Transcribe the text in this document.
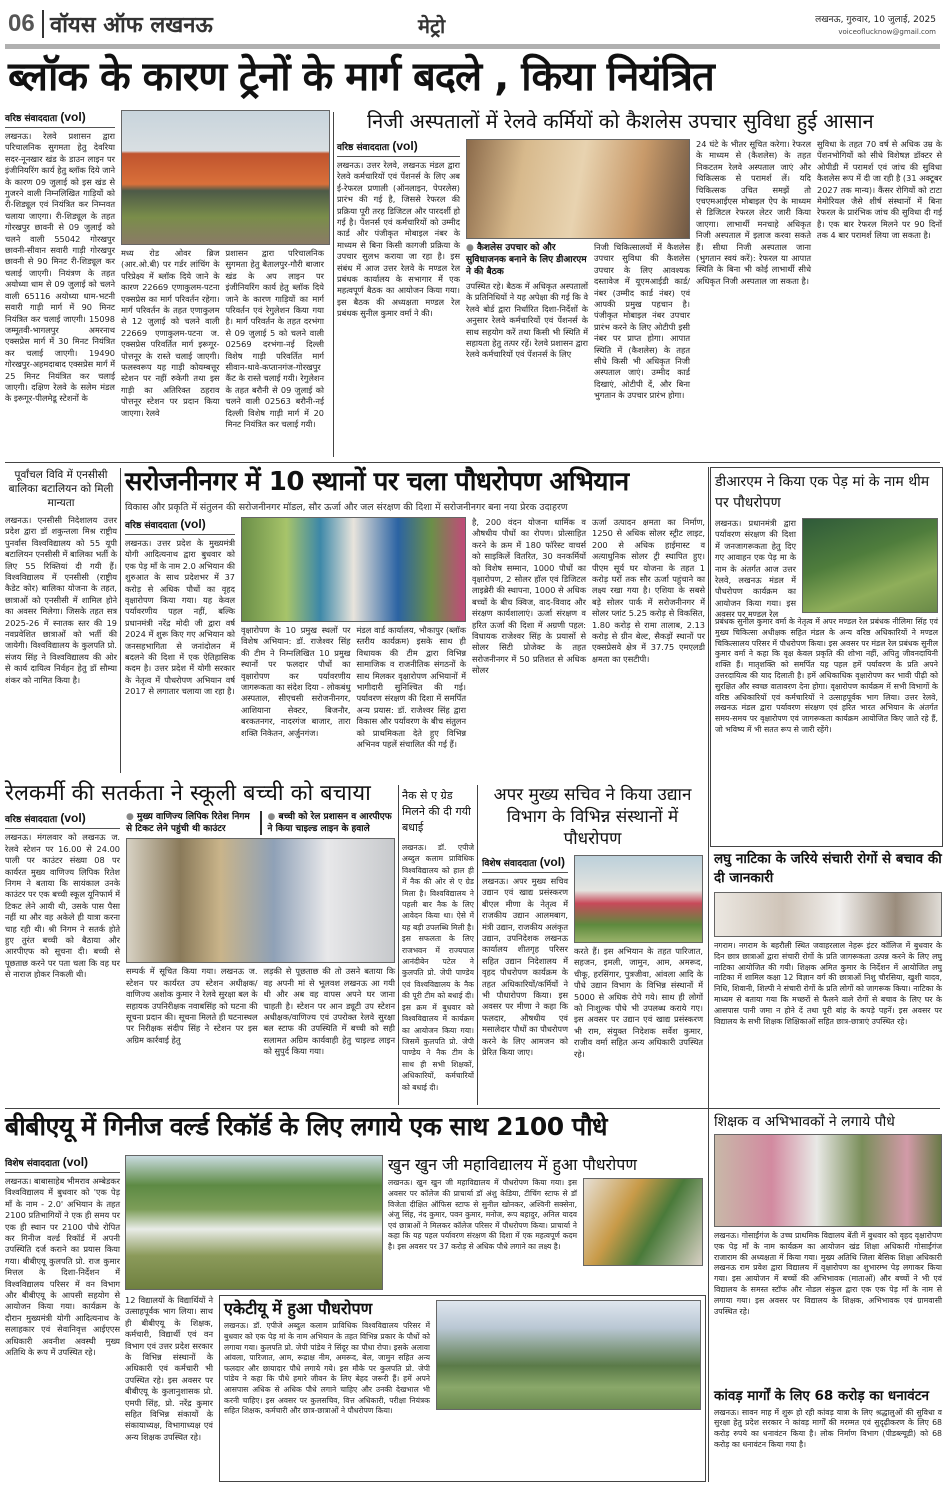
06 वॉयस ऑफ लखनऊ	मेट्रो	लखनऊ, गुरुवार, 10 जुलाई, 2025
voiceoflucknow@gmail.com
ब्लॉक के कारण ट्रेनों के मार्ग बदले , किया नियंत्रित
वरिष्ठ संवाददाता (vol)
लखनऊ। रेलवे प्रशासन द्वारा परिचालनिक सुगमता हेतु देवरिया सदर-नूनखार खंड के डाउन लाइन पर इंजीनियरिंग कार्य हेतु ब्लॉक दिये जाने के कारण 09 जुलाई को इस खंड से गुजरने वाली निम्नलिखित गाड़ियों को री-शिड्यूल एवं नियंत्रित कर निम्नवत चलाया जाएगा। री-शिड्यूल के तहत गोरखपुर छावनी से 09 जुलाई को चलने वाली 55042 गोरखपुर छावनी-सीवान सवारी गाड़ी गोरखपुर छावनी से 90 मिनट री-शिड्यूल कर चलाई जाएगी। नियंत्रण के तहत अयोध्या धाम से 09 जुलाई को चलने वाली 65116 अयोध्या धाम-भटनी सवारी गाड़ी मार्ग में 90 मिनट नियंत्रित कर चलाई जाएगी। 15098 जम्मूतवी-भागलपुर अमरनाथ एक्सप्रेस मार्ग में 30 मिनट नियंत्रित कर चलाई जाएगी। 19490 गोरखपुर-अहमदाबाद एक्सप्रेस मार्ग में 25 मिनट नियंत्रित कर चलाई जाएगी। दक्षिण रेलवे के सलेम मंडल के इरूगूर-पीलमेडू स्टेशनों के
मध्य रोड ओवर ब्रिज (आर.ओ.बी) पर गर्डर लांचिंग के परिप्रेक्ष्य में ब्लॉक दिये जाने के कारण 22669 एणाकुलम-पटना एक्सप्रेस का मार्ग परिवर्तन रहेगा। मार्ग परिवर्तन के तहत एणाकुलम से 12 जुलाई को चलने वाली 22669 एणाकुलम-पटना ज. एक्सप्रेस परिवर्तित मार्ग इरूगूर-पोत्तनूर के रास्ते चलाई जाएगी। फलस्वरूप यह गाड़ी कोयम्बत्तूर स्टेशन पर नहीं रुकेगी तथा इस गाड़ी का अतिरिक्त ठहराव पोत्तनूर स्टेशन पर प्रदान किया जाएगा। रेलवे
प्रशासन द्वारा परिचालनिक सुगमता हेतु बैतालपुर-गौरी बाजार खंड के अप लाइन पर इंजीनियरिंग कार्य हेतु ब्लॉक दिये जाने के कारण गाड़ियों का मार्ग परिवर्तन एवं रेगुलेशन किया गया है। मार्ग परिवर्तन के तहत दरभंगा से 09 जुलाई 5 को चलने वाली 02569 दरभंगा-नई दिल्ली विशेष गाड़ी परिवर्तित मार्ग सीवान-थावे-कप्तानगंज-गोरखपुर कैंट के रास्ते चलाई गयी। रेगुलेशन के तहत बरौनी से 09 जुलाई को चलने वाली 02563 बरौनी-नई दिल्ली विशेष गाड़ी मार्ग में 20 मिनट नियंत्रित कर चलाई गयी।
निजी अस्पतालों में रेलवे कर्मियों को कैशलेस उपचार सुविधा हुई आसान
वरिष्ठ संवाददाता (vol)
लखनऊ। उत्तर रेलवे, लखनऊ मंडल द्वारा रेलवे कर्मचारियों एवं पेंशनर्स के लिए अब ई-रेफरल प्रणाली (ऑनलाइन, पेपरलेस) प्रारंभ की गई है, जिससे रेफरल की प्रक्रिया पूरी तरह डिजिटल और पारदर्शी हो गई है। पेंशनर्स एवं कर्मचारियों को उम्मीद कार्ड और पंजीकृत मोबाइल नंबर के माध्यम से बिना किसी कागजी प्रक्रिया के उपचार सुलभ कराया जा रहा है। इस संबंध में आज उत्तर रेलवे के मण्डल रेल प्रबंधक कार्यालय के सभागार में एक महत्वपूर्ण बैठक का आयोजन किया गया। इस बैठक की अध्यक्षता मण्डल रेल प्रबंधक सुनील कुमार वर्मा ने की।
● कैशलेस उपचार को और सुविधाजनक बनाने के लिए डीआरएम ने की बैठक
उपस्थित रहे। बैठक में अधिकृत अस्पतालों के प्रतिनिधियों ने यह अपेक्षा की गई कि वे रेलवे बोर्ड द्वारा निर्धारित दिशा-निर्देशों के अनुसार रेलवे कर्मचारियों एवं पेंशनर्स के साथ सहयोग करें तथा किसी भी स्थिति में सहायता हेतु तत्पर रहें। रेलवे प्रशासन द्वारा रेलवे कर्मचारियों एवं पेंशनर्स के लिए
निजी चिकित्सालयों में कैशलेस उपचार सुविधा की कैशलेस उपचार के लिए आवश्यक दस्तावेज में यूएमआईडी कार्ड/नंबर (उम्मीद कार्ड नंबर) एवं आपकी प्रमुख पहचान है। पंजीकृत मोबाइल नंबर उपचार प्रारंभ करने के लिए ओटीपी इसी नंबर पर प्राप्त होगा। आपात स्थिति में (कैशलेस) के तहत सीधे किसी भी अधिकृत निजी अस्पताल जाएं। उम्मीद कार्ड दिखाएं, ओटीपी दें, और बिना भुगतान के उपचार प्रारंभ होगा।
24 घंटे के भीतर सूचित करेगा। रेफरल के माध्यम से (कैशलेस) के तहत निकटतम रेलवे अस्पताल जाएं और चिकित्सक से परामर्श लें। यदि चिकित्सक उचित समझें तो एचएमआईएस मोबाइल ऐप के माध्यम से डिजिटल रेफरल लेटर जारी किया जाएगा। लाभार्थी मनचाहे अधिकृत निजी अस्पताल में इलाज करवा सकते हैं। सीधा निजी अस्पताल जाना (भुगतान स्वयं करें): रेफरल या आपात स्थिति के बिना भी कोई लाभार्थी सीधे अधिकृत निजी अस्पताल जा सकता है।
सुविधा के तहत 70 वर्ष से अधिक उम्र के पेंशनभोगियों को सीधे विशेषज्ञ डॉक्टर से ओपीडी में परामर्श एवं जांच की सुविधा कैशलेस रूप में दी जा रही है (31 अक्टूबर 2027 तक मान्य)। कैंसर रोगियों को टाटा मेमोरियल जैसे शीर्ष संस्थानों में बिना रेफरल के प्रारंभिक जांच की सुविधा दी गई है। एक बार रेफरल मिलने पर 90 दिनों तक 4 बार परामर्श लिया जा सकता है।
पूर्वांचल विवि में एनसीसी बालिका बटालियन को मिली मान्यता
लखनऊ। एनसीसी निदेशालय उत्तर प्रदेश द्वारा डॉ शकुन्तला मिश्र राष्ट्रीय पुनर्वास विश्वविद्यालय को 55 यूपी बटालियन एनसीसी में बालिका भर्ती के लिए 55 रिक्तियां दी गयी हैं। विश्वविद्यालय में एनसीसी (राष्ट्रीय कैडेट कोर) बालिका योजना के तहत, छात्राओं को एनसीसी में शामिल होने का अवसर मिलेगा। जिसके तहत सत्र 2025-26 में स्नातक स्तर की 19 नवप्रवेशित छात्राओं को भर्ती की जायेगी। विश्वविद्यालय के कुलपति प्रो. संजय सिंह ने विश्वविद्यालय की ओर से कार्य दायित्व निर्वहन हेतु डॉ सौम्या शंकर को नामित किया है।
सरोजनीनगर में 10 स्थानों पर चला पौधरोपण अभियान
विकास और प्रकृति में संतुलन की सरोजनीनगर मॉडल, सौर ऊर्जा और जल संरक्षण की दिशा में सरोजनीनगर बना नया प्रेरक उदाहरण
वरिष्ठ संवाददाता (vol)
लखनऊ। उत्तर प्रदेश के मुख्यमंत्री योगी आदित्यनाथ द्वारा बुधवार को एक पेड़ माँ के नाम 2.0 अभियान की शुरुआत के साथ प्रदेशभर में 37 करोड़ से अधिक पौधों का वृहद वृक्षारोपण किया गया। यह केवल पर्यावरणीय पहल नहीं, बल्कि प्रधानमंत्री नरेंद्र मोदी जी द्वारा वर्ष 2024 में शुरू किए गए अभियान को जनसहभागिता से जनांदोलन में बदलने की दिशा में एक ऐतिहासिक कदम है। उत्तर प्रदेश में योगी सरकार के नेतृत्व में पौधरोपण अभियान वर्ष 2017 से लगातार चलाया जा रहा है।
वृक्षारोपण के 10 प्रमुख स्थलों पर विशेष अभियान: डॉ. राजेश्वर सिंह की टीम ने निम्नलिखित 10 प्रमुख स्थानों पर फलदार पौधों का वृक्षारोपण कर पर्यावरणीय जागरूकता का संदेश दिया - लोकबंधु अस्पताल, सीएचसी सरोजनीनगर, आशियाना सेक्टर, बिजनौर, बरकतनगर, नादरगंज बाजार, तारा शक्ति निकेतन, अर्जुनगंज।
मंडल वार्ड कार्यालय, भौकापुर (ब्लॉक स्तरीय कार्यक्रम) इसके साथ ही विधायक की टीम द्वारा विभिन्न सामाजिक व राजनीतिक संगठनों के साथ मिलकर वृक्षारोपण अभियानों में भागीदारी सुनिश्चित की गई। पर्यावरण संरक्षण की दिशा में समर्पित अन्य प्रयास: डॉ. राजेश्वर सिंह द्वारा विकास और पर्यावरण के बीच संतुलन को प्राथमिकता देते हुए विभिन्न अभिनव पहलें संचालित की गई हैं।
है, 200 वंदन योजना धार्मिक व औषधीय पौधों का रोपण। प्रोत्साहित करने के क्रम में 180 फॉरेस्ट वाचर्स को साइकिलें वितरित, 30 वनकर्मियों को विशेष सम्मान, 1000 पौधों का वृक्षारोपण, 2 सोलर हॉल एवं डिजिटल लाइब्रेरी की स्थापना, 1000 से अधिक बच्चों के बीच क्विज, वाद-विवाद और संरक्षण कार्यशालाएं। ऊर्जा संरक्षण व हरित ऊर्जा की दिशा में अग्रणी पहल: विधायक राजेश्वर सिंह के प्रयासों से सोलर सिटी प्रोजेक्ट के तहत सरोजनीनगर में 50 प्रतिशत से अधिक सोलर
ऊर्जा उत्पादन क्षमता का निर्माण, 1250 से अधिक सोलर स्ट्रीट लाइट, 200 से अधिक हाईमास्ट व अत्याधुनिक सोलर ट्री स्थापित हुए। पीएम सूर्य घर योजना के तहत 1 करोड़ घरों तक सौर ऊर्जा पहुंचाने का लक्ष्य रखा गया है। एशिया के सबसे बड़े सोलर पार्क में सरोजनीनगर में सोलर प्लांट 5.25 करोड़ से विकसित, 1.80 करोड़ से रामा तालाब, 2.13 करोड़ से ग्रीन बेल्ट, सैकड़ों स्थानों पर एक्सप्रेसवे क्षेत्र में 37.75 एमएलडी क्षमता का एसटीपी।
डीआरएम ने किया एक पेड़ मां के नाम थीम पर पौधरोपण
लखनऊ। प्रधानमंत्री द्वारा पर्यावरण संरक्षण की दिशा में जनजागरूकता हेतु दिए गए आवाहन एक पेड़ मा के नाम के अंतर्गत आज उत्तर रेलवे, लखनऊ मंडल में पौधरोपण कार्यक्रम का आयोजन किया गया। इस अवसर पर मण्डल रेल
प्रबंधक सुनील कुमार वर्मा के नेतृत्व में अपर मण्डल रेल प्रबंधक नीलिमा सिंह एवं मुख्य चिकित्सा अधीक्षक सहित मंडल के अन्य वरिष्ठ अधिकारियों ने मण्डल चिकित्सालय परिसर में पौधरोपण किया। इस अवसर पर मंडल रेल प्रबंधक सुनील कुमार वर्मा ने कहा कि वृक्ष केवल प्रकृति की शोभा नहीं, अपितु जीवनदायिनी शक्ति हैं। मातृशक्ति को समर्पित यह पहल हमें पर्यावरण के प्रति अपने उत्तरदायित्व की याद दिलाती है। हमें अधिकाधिक वृक्षारोपण कर भावी पीढ़ी को सुरक्षित और स्वच्छ वातावरण देना होगा। वृक्षारोपण कार्यक्रम में सभी विभागों के वरिष्ठ अधिकारियों एवं कर्मचारियों ने उत्साहपूर्वक भाग लिया। उत्तर रेलवे, लखनऊ मंडल द्वारा पर्यावरण संरक्षण एवं हरित भारत अभियान के अंतर्गत समय-समय पर वृक्षारोपण एवं जागरूकता कार्यक्रम आयोजित किए जाते रहे हैं, जो भविष्य में भी सतत रूप से जारी रहेंगे।
रेलकर्मी की सतर्कता ने स्कूली बच्ची को बचाया
वरिष्ठ संवाददाता (vol)
लखनऊ। मंगलवार को लखनऊ ज. रेलवे स्टेशन पर 16.00 से 24.00 पाली पर काउंटर संख्या 08 पर कार्यरत मुख्य वाणिज्य लिपिक रितेश निगम ने बताया कि सायंकाल उनके काउंटर पर एक बच्ची स्कूल यूनिफार्म में टिकट लेने आयी थी, उसके पास पैसा नहीं था और वह अकेले ही यात्रा करना चाह रही थी। श्री निगम ने सतर्क होते हुए तुरंत बच्ची को बैठाया और आरपीएफ को सूचना दी। बच्ची से पूछताछ करने पर पता चला कि वह घर से नाराज होकर निकली थी।
● मुख्य वाणिज्य लिपिक रितेश निगम से टिकट लेने पहुंची थी काउंटर
● बच्ची को रेल प्रशासन व आरपीएफ ने किया चाइल्ड लाइन के हवाले
सम्पर्क में सूचित किया गया। लखनऊ ज. स्टेशन पर कार्यरत उप स्टेशन अधीक्षक/वाणिज्य अशोक कुमार ने रेलवे सुरक्षा बल के सहायक उपनिरीक्षक नवाबसिंह को घटना की सूचना प्रदान की। सूचना मिलते ही घटनास्थल पर निरीक्षक संदीप सिंह ने स्टेशन पर इस अग्रिम कार्रवाई हेतु
लड़की से पूछताछ की तो उसने बताया कि वह अपनी मां से भूलवश लखनऊ आ गयी थी और अब वह वापस अपने घर जाना चाहती है। स्टेशन पर आन ड्यूटी उप स्टेशन अधीक्षक/वाणिज्य एवं उपरोक्त रेलवे सुरक्षा बल स्टाफ की उपस्थिति में बच्ची को सही सलामत अग्रिम कार्यवाही हेतु चाइल्ड लाइन को सुपुर्द किया गया।
नैक से ए ग्रेड मिलने की दी गयी बधाई
लखनऊ। डॉ. एपीजे अब्दुल कलाम प्राविधिक विश्वविद्यालय को हाल ही में नैक की ओर से ए ग्रेड मिला है। विश्वविद्यालय ने पहली बार नैक के लिए आवेदन किया था। ऐसे में यह बड़ी उपलब्धि मिली है। इस सफलता के लिए राजभवन में राज्यपाल आनंदीबेन पटेल ने कुलपति प्रो. जेपी पाण्डेय एवं विश्वविद्यालय के नैक की पूरी टीम को बधाई दी। इस क्रम में बुधवार को विश्वविद्यालय में कार्यक्रम का आयोजन किया गया। जिसमें कुलपति प्रो. जेपी पाण्डेय ने नैक टीम के साथ ही सभी शिक्षकों, अधिकारियों, कर्मचारियों को बधाई दी।
अपर मुख्य सचिव ने किया उद्यान विभाग के विभिन्न संस्थानों में पौधरोपण
विशेष संवाददाता (vol)
लखनऊ। अपर मुख्य सचिव उद्यान एवं खाद्य प्रसंस्करण बीएल मीणा के नेतृत्व में राजकीय उद्यान आलमबाग, मंत्री उद्यान, राजकीय अलंकृत उद्यान, उपनिदेशक लखनऊ कार्यालय शीतगृह परिसर सहित उद्यान निदेशालय में वृहद पौधरोपण कार्यक्रम के तहत अधिकारियों/कर्मियों ने भी पौधारोपण किया। इस अवसर पर मीणा ने कहा कि फलदार, औषधीय एवं मसालेदार पौधों का पौधरोपण करने के लिए आमजन को प्रेरित किया जाए।
करते हैं। इस अभियान के तहत पारिजात, सहजन, इमली, जामुन, आम, अमरूद, चीकू, हरसिंगार, पुत्रजीवा, आंवला आदि के पौधे उद्यान विभाग के विभिन्न संस्थानों में 5000 से अधिक रोपे गये। साथ ही लोगों को निःशुल्क पौधे भी उपलब्ध कराये गए। इस अवसर पर उद्यान एवं खाद्य प्रसंस्करण भी राम, संयुक्त निदेशक सर्वेश कुमार, राजीव वर्मा सहित अन्य अधिकारी उपस्थित रहे।
लघु नाटिका के जरिये संचारी रोगों से बचाव की दी जानकारी
नगराम। नगराम के बहरौली स्थित जवाहरलाल नेहरू इंटर कॉलिज में बुधवार के दिन छात्र छात्राओं द्वारा संचारी रोगों के प्रति जागरूकता उत्पन्न करने के लिए लघु नाटिका आयोजित की गयी। शिक्षक अमित कुमार के निर्देशन में आयोजित लघु नाटिका में शामिल कक्षा 12 विज्ञान वर्ग की छात्राओं निशु चौरसिया, खुशी यादव, निधि, शिवानी, शिल्पी ने संचारी रोगों के प्रति लोगों को जागरूक किया। नाटिका के माध्यम से बताया गया कि मच्छरों से फैलने वाले रोगों से बचाव के लिए घर के आसपास पानी जमा न होने दें तथा पूरी बांह के कपड़े पहनें। इस अवसर पर विद्यालय के सभी शिक्षक शिक्षिकाओं सहित छात्र-छात्राएं उपस्थित रहे।
बीबीएयू में गिनीज वर्ल्ड रिकॉर्ड के लिए लगाये एक साथ 2100 पौधे
विशेष संवाददाता (vol)
लखनऊ। बाबासाहेब भीमराव अम्बेडकर विश्वविद्यालय में बुधवार को 'एक पेड़ माँ के नाम - 2.0' अभियान के तहत 2100 प्रतिभागियों ने एक ही समय पर एक ही स्थान पर 2100 पौधे रोपित कर गिनीज वर्ल्ड रिकॉर्ड में अपनी उपस्थिति दर्ज कराने का प्रयास किया गया। बीबीएयू कुलपति प्रो. राज कुमार मित्तल के दिशा-निर्देशन में विश्वविद्यालय परिसर में वन विभाग और बीबीएयू के आपसी सहयोग से आयोजन किया गया। कार्यक्रम के दौरान मुख्यमंत्री योगी आदित्यनाथ के सलाहकार एवं सेवानिवृत्त आईएएस अधिकारी अवनीश अवस्थी मुख्य अतिथि के रूप में उपस्थित रहे।
12 विद्यालयों के विद्यार्थियों ने उत्साहपूर्वक भाग लिया। साथ ही बीबीएयू के शिक्षक, कर्मचारी, विद्यार्थी एवं वन विभाग एवं उत्तर प्रदेश सरकार के विभिन्न संस्थानों के अधिकारी एवं कर्मचारी भी उपस्थित रहे। इस अवसर पर बीबीएयू के कुलानुशासक प्रो. एमपी सिंह, प्रो. नरेंद्र कुमार सहित विभिन्न संकायों के संकायाध्यक्ष, विभागाध्यक्ष एवं अन्य शिक्षक उपस्थित रहे।
खुन खुन जी महाविद्यालय में हुआ पौधरोपण
लखनऊ। खुन खुन जी महाविद्यालय में पौधरोपण किया गया। इस अवसर पर कॉलेज की प्राचार्या डॉ अंशु केडिया, टीचिंग स्टाफ से डॉ विजेता दीक्षित ऑफिस स्टाफ से सुनील खोनकर, अश्विनी सक्सेना, अंजु सिंह, नंद कुमार, पवन कुमार, मनोज, रूप बहादुर, अनिल यादव एवं छात्राओं ने मिलकर कॉलेज परिसर में पौधरोपण किया। प्राचार्या ने कहा कि यह पहल पर्यावरण संरक्षण की दिशा में एक महत्वपूर्ण कदम है। इस अवसर पर 37 करोड़ से अधिक पौधे लगाने का लक्ष्य है।
एकेटीयू में हुआ पौधरोपण
लखनऊ। डॉ. एपीजे अब्दुल कलाम प्राविधिक विश्वविद्यालय परिसर में बुधवार को एक पेड़ मां के नाम अभियान के तहत विभिन्न प्रकार के पौधों को लगाया गया। कुलपति प्रो. जेपी पांडेय ने सिंदूर का पौधा रोपा। इसके अलावा आंवला, पारिजात, आम, रूद्राक्ष नीम, अमरूद, बेल, जामुन सहित अन्य फलदार और छायादार पौधे लगाये गये। इस मौके पर कुलपति प्रो. जेपी पांडेय ने कहा कि पौधे हमारे जीवन के लिए बेहद जरूरी हैं। हमें अपने आसपास अधिक से अधिक पौधे लगाने चाहिए और उनकी देखभाल भी करनी चाहिए। इस अवसर पर कुलसचिव, वित्त अधिकारी, परीक्षा नियंत्रक सहित शिक्षक, कर्मचारी और छात्र-छात्राओं ने पौधरोपण किया।
शिक्षक व अभिभावकों ने लगाये पौधे
लखनऊ। गोसाईंगंज के उच्च प्राथमिक विद्यालय बेंती में बुधवार को वृहद वृक्षारोपण एक पेड़ माँ के नाम कार्यक्रम का आयोजन खंड शिक्षा अधिकारी गोसाईंगंज राजाराम की अध्यक्षता में किया गया। मुख्य अतिथि जिला बेसिक शिक्षा अधिकारी लखनऊ राम प्रवेश द्वारा विद्यालय में वृक्षारोपण का शुभारम्भ पेड़ लगाकर किया गया। इस आयोजन में बच्चों की अभिभावक (माताओं) और बच्चों ने भी एवं विद्यालय के समस्त स्टॉफ और नोडल संकुल द्वारा एक एक पेड़ माँ के नाम से लगाया गया। इस अवसर पर विद्यालय के शिक्षक, अभिभावक एवं ग्रामवासी उपस्थित रहे।
कांवड़ मार्गों के लिए 68 करोड़ का धनावंटन
लखनऊ। सावन माह में शुरू हो रही कांवड़ यात्रा के लिए श्रद्धालुओं की सुविधा व सुरक्षा हेतु प्रदेश सरकार ने कांवड़ मार्गों की मरम्मत एवं सुदृढ़ीकरण के लिए 68 करोड़ रुपये का धनावंटन किया है। लोक निर्माण विभाग (पीडब्ल्यूडी) को 68 करोड़ का धनावंटन किया गया है।
